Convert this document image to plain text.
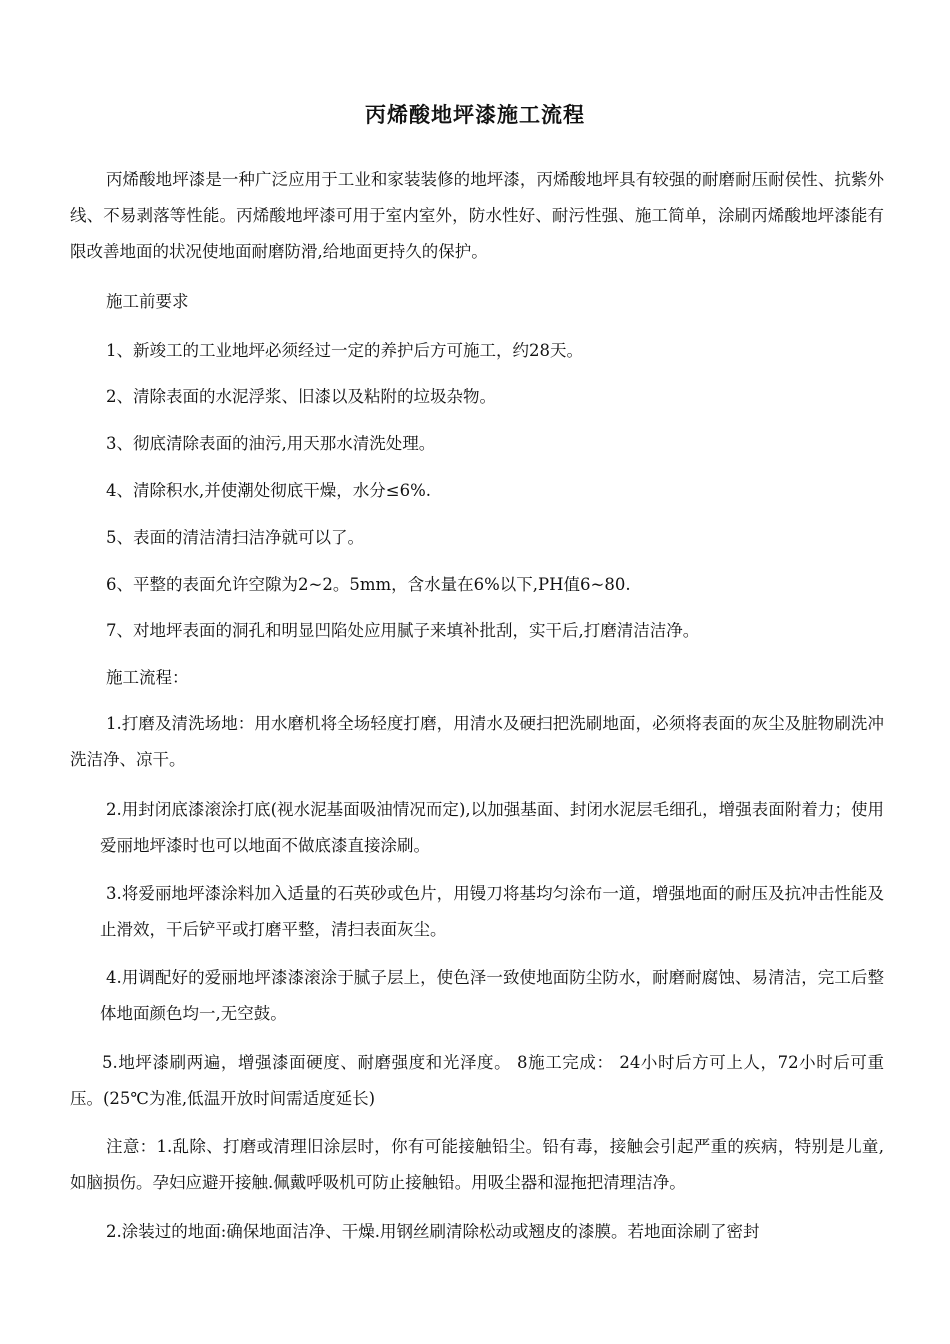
丙烯酸地坪漆施工流程

丙烯酸地坪漆是一种广泛应用于工业和家装装修的地坪漆，丙烯酸地坪具有较强的耐磨耐压耐侯性、抗紫外线、不易剥落等性能。丙烯酸地坪漆可用于室内室外，防水性好、耐污性强、施工简单，涂刷丙烯酸地坪漆能有限改善地面的状况使地面耐磨防滑,给地面更持久的保护。

施工前要求

1、新竣工的工业地坪必须经过一定的养护后方可施工，约28天。

2、清除表面的水泥浮浆、旧漆以及粘附的垃圾杂物。

3、彻底清除表面的油污,用天那水清洗处理。

4、清除积水,并使潮处彻底干燥，水分≤6%.

5、表面的清洁清扫洁净就可以了。

6、平整的表面允许空隙为2~2。5mm，含水量在6%以下,PH值6~80.

7、对地坪表面的洞孔和明显凹陷处应用腻子来填补批刮，实干后,打磨清洁洁净。

施工流程：

1.打磨及清洗场地：用水磨机将全场轻度打磨，用清水及硬扫把洗刷地面，必须将表面的灰尘及脏物刷洗冲洗洁净、凉干。

2.用封闭底漆滚涂打底(视水泥基面吸油情况而定),以加强基面、封闭水泥层毛细孔，增强表面附着力；使用爱丽地坪漆时也可以地面不做底漆直接涂刷。

3.将爱丽地坪漆涂料加入适量的石英砂或色片，用镘刀将基均匀涂布一道，增强地面的耐压及抗冲击性能及止滑效，干后铲平或打磨平整，清扫表面灰尘。

4.用调配好的爱丽地坪漆漆滚涂于腻子层上，使色泽一致使地面防尘防水，耐磨耐腐蚀、易清洁，完工后整体地面颜色均一,无空鼓。

5.地坪漆刷两遍，增强漆面硬度、耐磨强度和光泽度。 8施工完成： 24小时后方可上人，72小时后可重压。(25℃为准,低温开放时间需适度延长)

注意：1.乱除、打磨或清理旧涂层时，你有可能接触铅尘。铅有毒，接触会引起严重的疾病，特别是儿童,如脑损伤。孕妇应避开接触.佩戴呼吸机可防止接触铅。用吸尘器和湿拖把清理洁净。

2.涂装过的地面:确保地面洁净、干燥.用钢丝刷清除松动或翘皮的漆膜。若地面涂刷了密封
